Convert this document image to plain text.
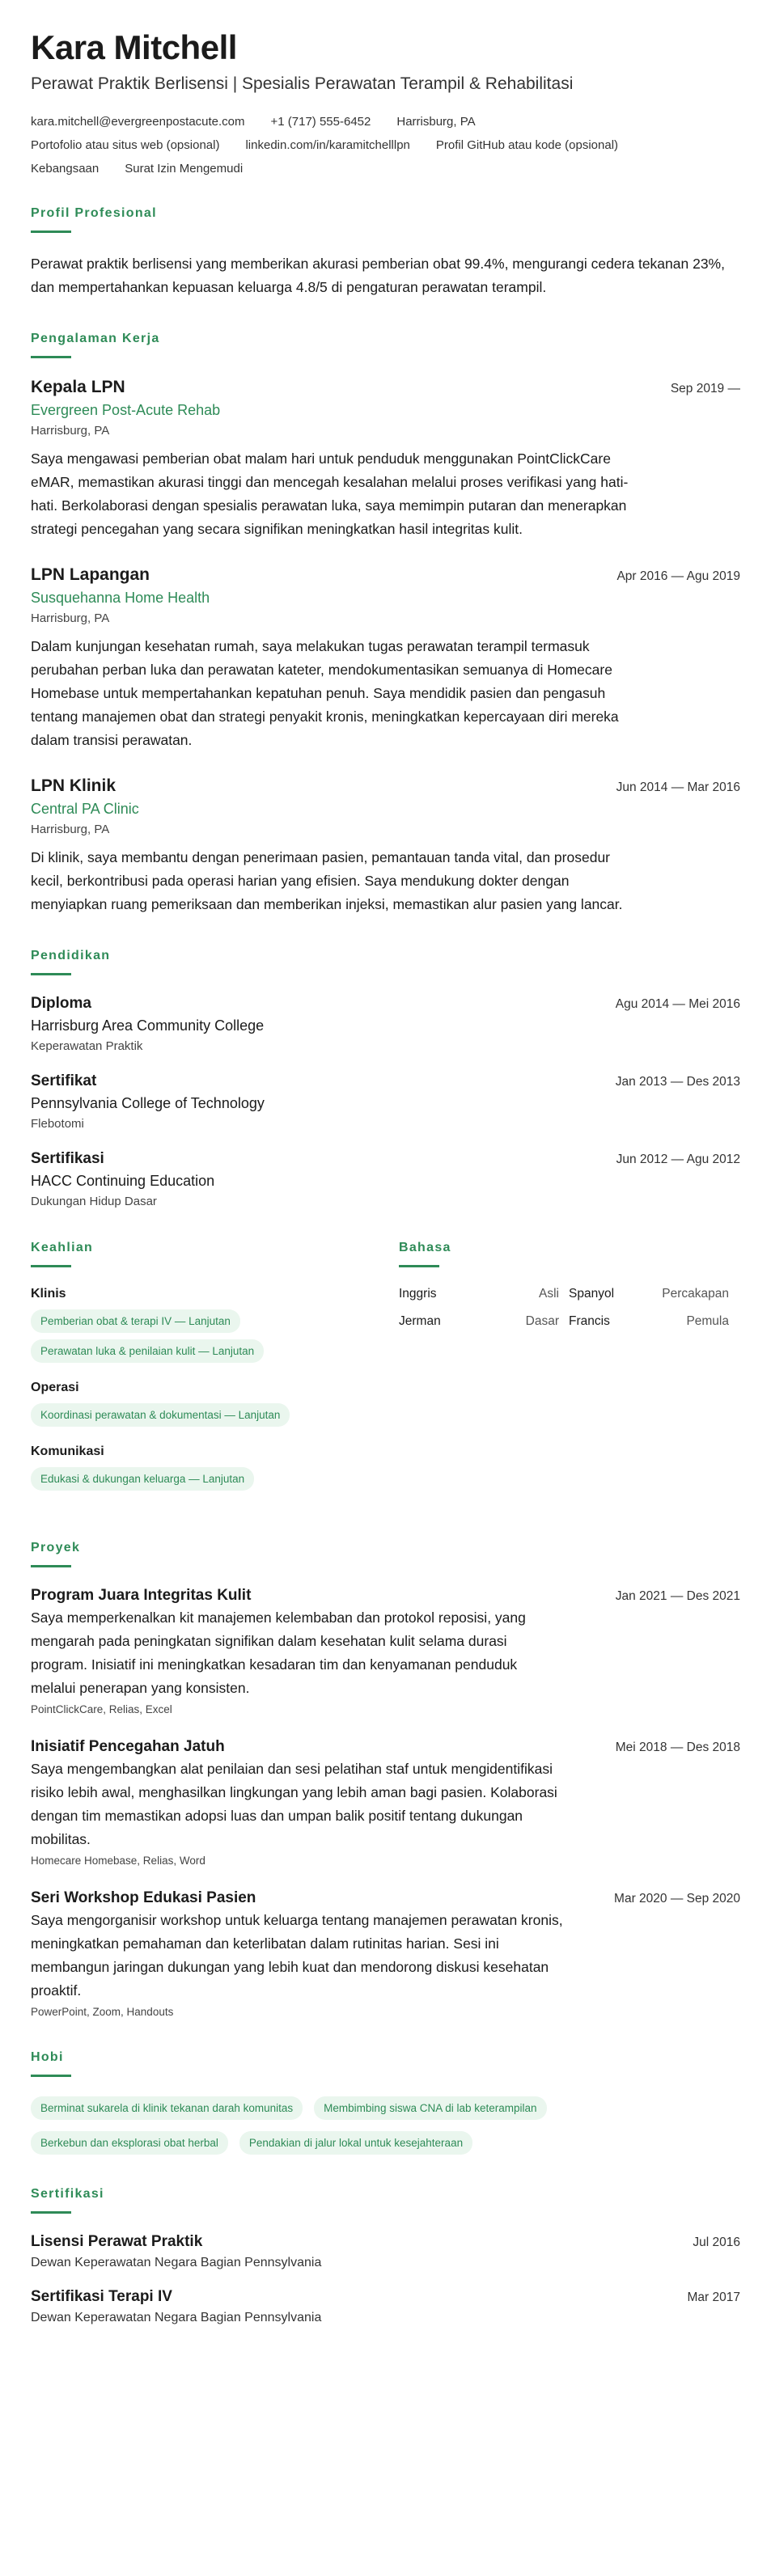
Kara Mitchell
Perawat Praktik Berlisensi | Spesialis Perawatan Terampil & Rehabilitasi
kara.mitchell@evergreenpostacute.com +1 (717) 555-6452 Harrisburg, PA
Portofolio atau situs web (opsional) linkedin.com/in/karamitchelllpn Profil GitHub atau kode (opsional)
Kebangsaan Surat Izin Mengemudi
Profil Profesional

Perawat praktik berlisensi yang memberikan akurasi pemberian obat 99.4%, mengurangi cedera tekanan 23%, dan mempertahankan kepuasan keluarga 4.8/5 di pengaturan perawatan terampil.

Pengalaman Kerja
Kepala LPN	Sep 2019 —
Evergreen Post-Acute Rehab
Harrisburg, PA
Saya mengawasi pemberian obat malam hari untuk penduduk menggunakan PointClickCare eMAR, memastikan akurasi tinggi dan mencegah kesalahan melalui proses verifikasi yang hati-hati. Berkolaborasi dengan spesialis perawatan luka, saya memimpin putaran dan menerapkan strategi pencegahan yang secara signifikan meningkatkan hasil integritas kulit.
LPN Lapangan	Apr 2016 — Agu 2019
Susquehanna Home Health
Harrisburg, PA
Dalam kunjungan kesehatan rumah, saya melakukan tugas perawatan terampil termasuk perubahan perban luka dan perawatan kateter, mendokumentasikan semuanya di Homecare Homebase untuk mempertahankan kepatuhan penuh. Saya mendidik pasien dan pengasuh tentang manajemen obat dan strategi penyakit kronis, meningkatkan kepercayaan diri mereka dalam transisi perawatan.
LPN Klinik	Jun 2014 — Mar 2016
Central PA Clinic
Harrisburg, PA
Di klinik, saya membantu dengan penerimaan pasien, pemantauan tanda vital, dan prosedur kecil, berkontribusi pada operasi harian yang efisien. Saya mendukung dokter dengan menyiapkan ruang pemeriksaan dan memberikan injeksi, memastikan alur pasien yang lancar.
Pendidikan
Diploma	Agu 2014 — Mei 2016
Harrisburg Area Community College
Keperawatan Praktik
Sertifikat	Jan 2013 — Des 2013
Pennsylvania College of Technology
Flebotomi
Sertifikasi	Jun 2012 — Agu 2012
HACC Continuing Education
Dukungan Hidup Dasar
Keahlian
Klinis
Pemberian obat & terapi IV — Lanjutan
Perawatan luka & penilaian kulit — Lanjutan
Operasi
Koordinasi perawatan & dokumentasi — Lanjutan
Komunikasi
Edukasi & dukungan keluarga — Lanjutan
Bahasa
Inggris	Asli Spanyol	Percakapan
Jerman	Dasar Francis	Pemula
Proyek
Program Juara Integritas Kulit	Jan 2021 — Des 2021
Saya memperkenalkan kit manajemen kelembaban dan protokol reposisi, yang mengarah pada peningkatan signifikan dalam kesehatan kulit selama durasi program. Inisiatif ini meningkatkan kesadaran tim dan kenyamanan penduduk melalui penerapan yang konsisten.
PointClickCare, Relias, Excel
Inisiatif Pencegahan Jatuh	Mei 2018 — Des 2018
Saya mengembangkan alat penilaian dan sesi pelatihan staf untuk mengidentifikasi risiko lebih awal, menghasilkan lingkungan yang lebih aman bagi pasien. Kolaborasi dengan tim memastikan adopsi luas dan umpan balik positif tentang dukungan mobilitas.
Homecare Homebase, Relias, Word
Seri Workshop Edukasi Pasien	Mar 2020 — Sep 2020
Saya mengorganisir workshop untuk keluarga tentang manajemen perawatan kronis, meningkatkan pemahaman dan keterlibatan dalam rutinitas harian. Sesi ini membangun jaringan dukungan yang lebih kuat dan mendorong diskusi kesehatan proaktif.
PowerPoint, Zoom, Handouts
Hobi
Berminat sukarela di klinik tekanan darah komunitas	Membimbing siswa CNA di lab keterampilan
Berkebun dan eksplorasi obat herbal	Pendakian di jalur lokal untuk kesejahteraan
Sertifikasi
Lisensi Perawat Praktik	Jul 2016
Dewan Keperawatan Negara Bagian Pennsylvania
Sertifikasi Terapi IV	Mar 2017
Dewan Keperawatan Negara Bagian Pennsylvania
